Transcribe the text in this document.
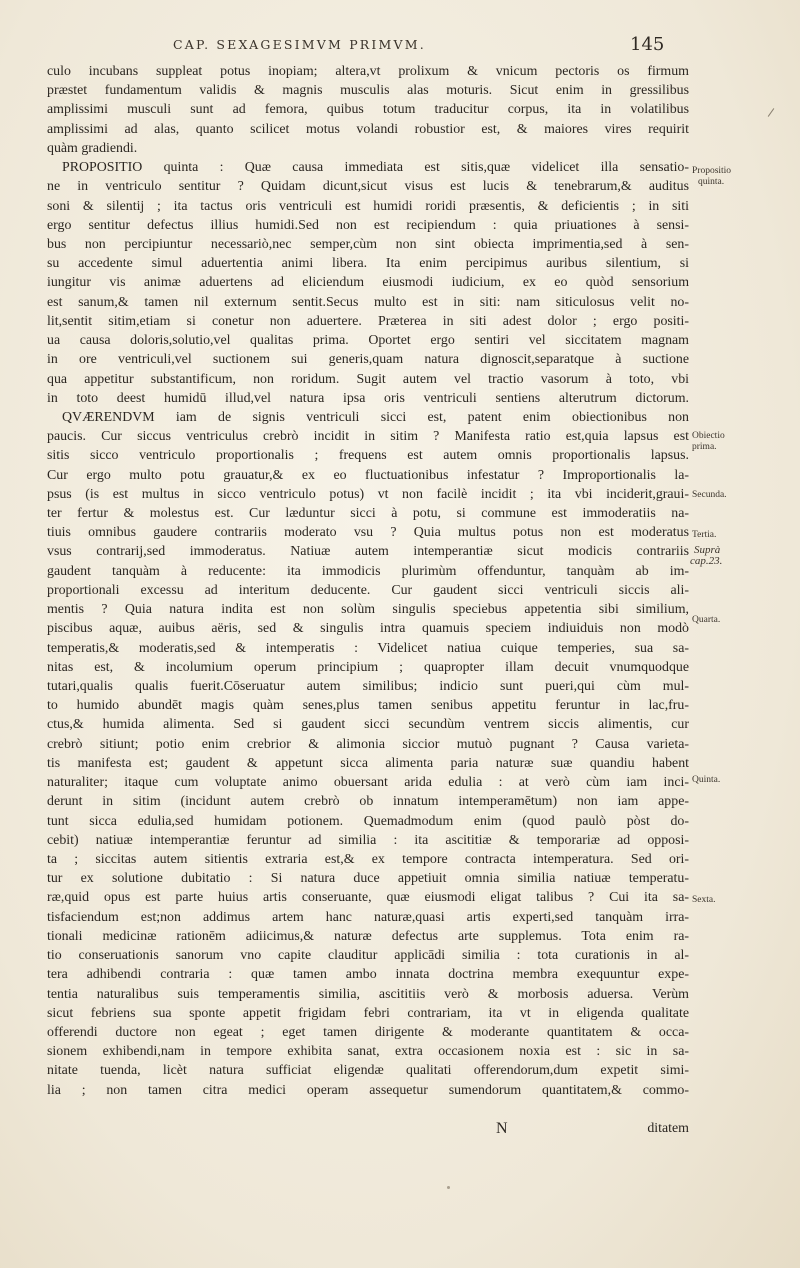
CAP. SEXAGESIMVM PRIMVM.	145
culo incubans suppleat potus inopiam; altera,vt prolixum & vnicum pectoris os firmum
præstet fundamentum validis & magnis musculis alas moturis. Sicut enim in gressilibus
amplissimi musculi sunt ad femora, quibus totum traducitur corpus, ita in volatilibus
amplissimi ad alas, quanto scilicet motus volandi robustior est, & maiores vires requirit
quàm gradiendi.
PROPOSITIO quinta : Quæ causa immediata est sitis,quæ videlicet illa sensatio-
ne in ventriculo sentitur ? Quidam dicunt,sicut visus est lucis & tenebrarum,& auditus
soni & silentij ; ita tactus oris ventriculi est humidi roridi præsentis, & deficientis ; in siti
ergo sentitur defectus illius humidi.Sed non est recipiendum : quia priuationes à sensi-
bus non percipiuntur necessariò,nec semper,cùm non sint obiecta imprimentia,sed à sen-
su accedente simul aduertentia animi libera. Ita enim percipimus auribus silentium, si
iungitur vis animæ aduertens ad eliciendum eiusmodi iudicium, ex eo quòd sensorium
est sanum,& tamen nil externum sentit.Secus multo est in siti: nam siticulosus velit no-
lit,sentit sitim,etiam si conetur non aduertere. Præterea in siti adest dolor ; ergo positi-
ua causa doloris,solutio,vel qualitas prima. Oportet ergo sentiri vel siccitatem magnam
in ore ventriculi,vel suctionem sui generis,quam natura dignoscit,separatque à suctione
qua appetitur substantificum, non roridum. Sugit autem vel tractio vasorum à toto, vbi
in toto deest humidū illud,vel natura ipsa oris ventriculi sentiens alterutrum dictorum.
QVÆRENDVM iam de signis ventriculi sicci est, patent enim obiectionibus non
paucis. Cur siccus ventriculus crebrò incidit in sitim ? Manifesta ratio est,quia lapsus est
sitis sicco ventriculo proportionalis ; frequens est autem omnis proportionalis lapsus.
Cur ergo multo potu grauatur,& ex eo fluctuationibus infestatur ? Improportionalis la-
psus (is est multus in sicco ventriculo potus) vt non facilè incidit ; ita vbi inciderit,graui-
ter fertur & molestus est. Cur læduntur sicci à potu, si commune est immoderatiis na-
tiuis omnibus gaudere contrariis moderato vsu ? Quia multus potus non est moderatus
vsus contrarij,sed immoderatus. Natiuæ autem intemperantiæ sicut modicis contrariis
gaudent tanquàm à reducente: ita immodicis plurimùm offenduntur, tanquàm ab im-
proportionali excessu ad interitum deducente. Cur gaudent sicci ventriculi siccis ali-
mentis ? Quia natura indita est non solùm singulis speciebus appetentia sibi similium,
piscibus aquæ, auibus aëris, sed & singulis intra quamuis speciem indiuiduis non modò
temperatis,& moderatis,sed & intemperatis : Videlicet natiua cuique temperies, sua sa-
nitas est, & incolumium operum principium ; quapropter illam decuit vnumquodque
tutari,qualis qualis fuerit.Cōseruatur autem similibus; indicio sunt pueri,qui cùm mul-
to humido abundēt magis quàm senes,plus tamen senibus appetitu feruntur in lac,fru-
ctus,& humida alimenta. Sed si gaudent sicci secundùm ventrem siccis alimentis, cur
crebrò sitiunt; potio enim crebrior & alimonia siccior mutuò pugnant ? Causa varieta-
tis manifesta est; gaudent & appetunt sicca alimenta paria naturæ suæ quandiu habent
naturaliter; itaque cum voluptate animo obuersant arida edulia : at verò cùm iam inci-
derunt in sitim (incidunt autem crebrò ob innatum intemperamētum) non iam appe-
tunt sicca edulia,sed humidam potionem. Quemadmodum enim (quod paulò pòst do-
cebit) natiuæ intemperantiæ feruntur ad similia : ita ascititiæ & temporariæ ad opposi-
ta ; siccitas autem sitientis extraria est,& ex tempore contracta intemperatura. Sed ori-
tur ex solutione dubitatio : Si natura duce appetiuit omnia similia natiuæ temperatu-
ræ,quid opus est parte huius artis conseruante, quæ eiusmodi eligat talibus ? Cui ita sa-
tisfaciendum est;non addimus artem hanc naturæ,quasi artis experti,sed tanquàm irra-
tionali medicinæ rationēm adiicimus,& naturæ defectus arte supplemus. Tota enim ra-
tio conseruationis sanorum vno capite clauditur applicādi similia : tota curationis in al-
tera adhibendi contraria : quæ tamen ambo innata doctrina membra exequuntur expe-
tentia naturalibus suis temperamentis similia, ascititiis verò & morbosis aduersa. Verùm
sicut febriens sua sponte appetit frigidam febri contrariam, ita vt in eligenda qualitate
offerendi ductore non egeat ; eget tamen dirigente & moderante quantitatem & occa-
sionem exhibendi,nam in tempore exhibita sanat, extra occasionem noxia est : sic in sa-
nitate tuenda, licèt natura sufficiat eligendæ qualitati offerendorum,dum expetit simi-
lia ; non tamen citra medici operam assequetur sumendorum quantitatem,& commo-
N	ditatem
Propositio
quinta.
Obiectio
prima.
Secunda.
Tertia.
Suprà
cap.23.
Quarta.
Quinta.
Sexta.
